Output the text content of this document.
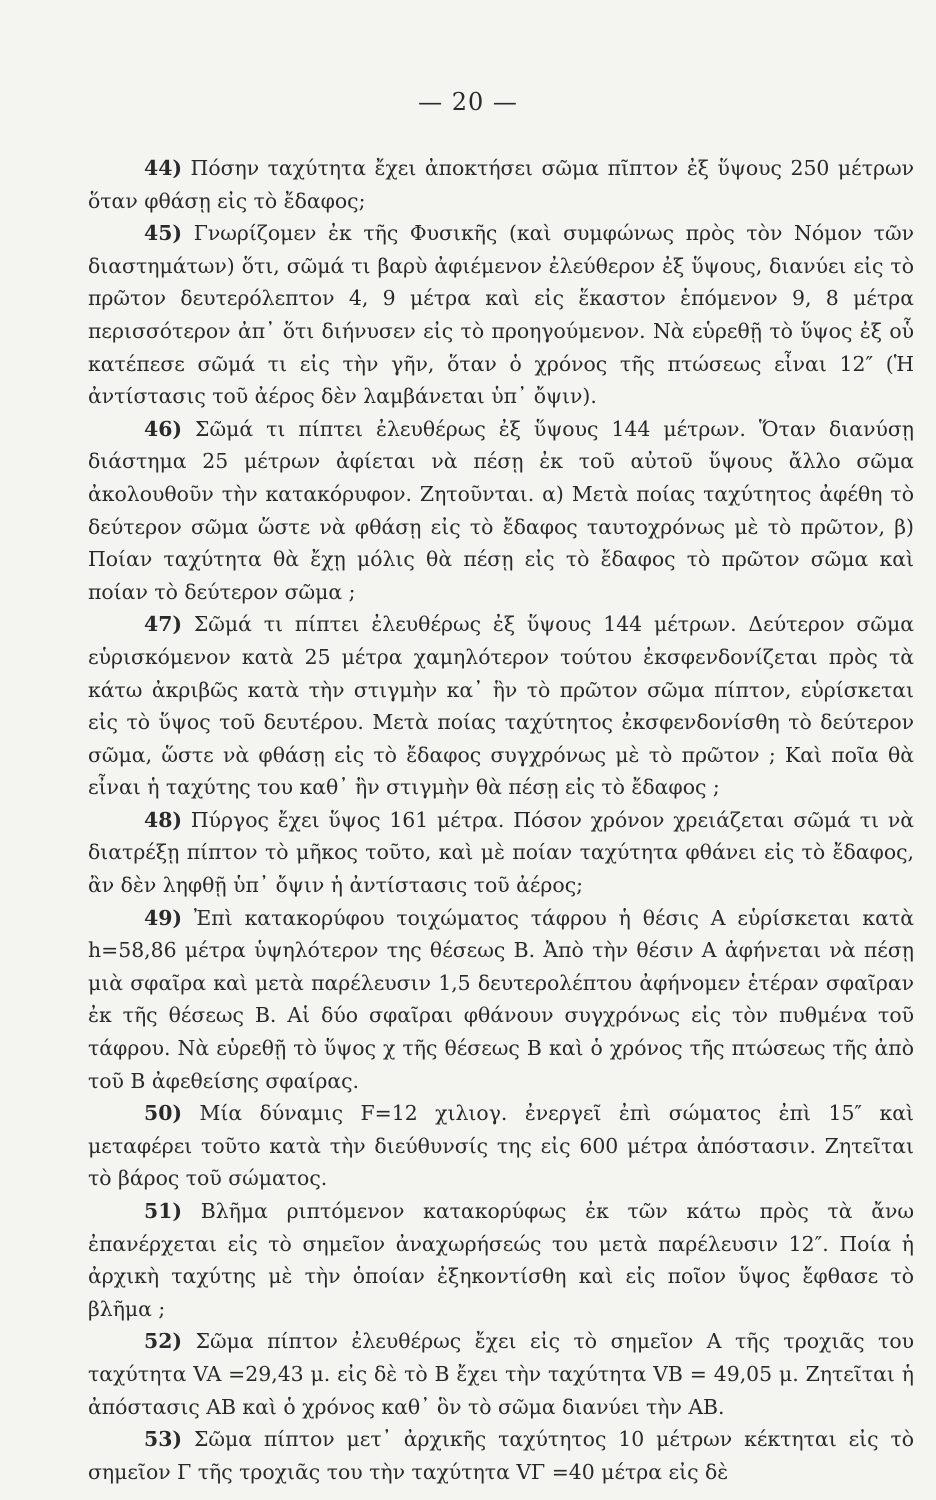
— 20 —

44) Πόσην ταχύτητα ἔχει ἀποκτήσει σῶμα πῖπτον ἐξ ὕψους 250 μέτρων ὅταν φθάσῃ εἰς τὸ ἔδαφος;

45) Γνωρίζομεν ἐκ τῆς Φυσικῆς (καὶ συμφώνως πρὸς τὸν Νόμον τῶν διαστημάτων) ὅτι, σῶμά τι βαρὺ ἀφιέμενον ἐλεύθερον ἐξ ὕψους, διανύει εἰς τὸ πρῶτον δευτερόλεπτον 4, 9 μέτρα καὶ εἰς ἕκαστον ἑπόμενον 9, 8 μέτρα περισσότερον ἀπ᾿ ὅτι διήνυσεν εἰς τὸ προηγούμενον. Νὰ εὑρεθῇ τὸ ὕψος ἐξ οὗ κατέπεσε σῶμά τι εἰς τὴν γῆν, ὅταν ὁ χρόνος τῆς πτώσεως εἶναι 12″ (Ἡ ἀντίστασις τοῦ ἀέρος δὲν λαμβάνεται ὑπ᾿ ὄψιν).

46) Σῶμά τι πίπτει ἐλευθέρως ἐξ ὕψους 144 μέτρων. Ὅταν διανύσῃ διάστημα 25 μέτρων ἀφίεται νὰ πέσῃ ἐκ τοῦ αὐτοῦ ὕψους ἄλλο σῶμα ἀκολουθοῦν τὴν κατακόρυφον. Ζητοῦνται. α) Μετὰ ποίας ταχύτητος ἀφέθη τὸ δεύτερον σῶμα ὥστε νὰ φθάσῃ εἰς τὸ ἔδαφος ταυτοχρόνως μὲ τὸ πρῶτον, β) Ποίαν ταχύτητα θὰ ἔχῃ μόλις θὰ πέσῃ εἰς τὸ ἔδαφος τὸ πρῶτον σῶμα καὶ ποίαν τὸ δεύτερον σῶμα ;

47) Σῶμά τι πίπτει ἐλευθέρως ἐξ ὕψους 144 μέτρων. Δεύτερον σῶμα εὑρισκόμενον κατὰ 25 μέτρα χαμηλότερον τούτου ἐκσφενδονίζεται πρὸς τὰ κάτω ἀκριβῶς κατὰ τὴν στιγμὴν κα᾿ ἣν τὸ πρῶτον σῶμα πίπτον, εὑρίσκεται εἰς τὸ ὕψος τοῦ δευτέρου. Μετὰ ποίας ταχύτητος ἐκσφενδονίσθη τὸ δεύτερον σῶμα, ὥστε νὰ φθάσῃ εἰς τὸ ἔδαφος συγχρόνως μὲ τὸ πρῶτον ; Καὶ ποῖα θὰ εἶναι ἡ ταχύτης του καθ᾿ ἣν στιγμὴν θὰ πέσῃ εἰς τὸ ἔδαφος ;

48) Πύργος ἔχει ὕψος 161 μέτρα. Πόσον χρόνον χρειάζεται σῶμά τι νὰ διατρέξῃ πίπτον τὸ μῆκος τοῦτο, καὶ μὲ ποίαν ταχύτητα φθάνει εἰς τὸ ἔδαφος, ἂν δὲν ληφθῇ ὑπ᾿ ὄψιν ἡ ἀντίστασις τοῦ ἀέρος;

49) Ἐπὶ κατακορύφου τοιχώματος τάφρου ἡ θέσις Α εὑρίσκεται κατὰ h=58,86 μέτρα ὑψηλότερον της θέσεως Β. Ἀπὸ τὴν θέσιν Α ἀφήνεται νὰ πέσῃ μιὰ σφαῖρα καὶ μετὰ παρέλευσιν 1,5 δευτερολέπτου ἀφήνομεν ἑτέραν σφαῖραν ἐκ τῆς θέσεως Β. Αἱ δύο σφαῖραι φθάνουν συγχρόνως εἰς τὸν πυθμένα τοῦ τάφρου. Νὰ εὑρεθῇ τὸ ὕψος χ τῆς θέσεως Β καὶ ὁ χρόνος τῆς πτώσεως τῆς ἀπὸ τοῦ Β ἀφεθείσης σφαίρας.

50) Μία δύναμις F=12 χιλιογ. ἐνεργεῖ ἐπὶ σώματος ἐπὶ 15″ καὶ μεταφέρει τοῦτο κατὰ τὴν διεύθυνσίς της εἰς 600 μέτρα ἀπόστασιν. Ζητεῖται τὸ βάρος τοῦ σώματος.

51) Βλῆμα ριπτόμενον κατακορύφως ἐκ τῶν κάτω πρὸς τὰ ἄνω ἐπανέρχεται εἰς τὸ σημεῖον ἀναχωρήσεώς του μετὰ παρέλευσιν 12″. Ποία ἡ ἀρχικὴ ταχύτης μὲ τὴν ὁποίαν ἐξηκοντίσθη καὶ εἰς ποῖον ὕψος ἔφθασε τὸ βλῆμα ;

52) Σῶμα πίπτον ἐλευθέρως ἔχει εἰς τὸ σημεῖον Α τῆς τροχιᾶς του ταχύτητα VA =29,43 μ. εἰς δὲ τὸ Β ἔχει τὴν ταχύτητα VB = 49,05 μ. Ζητεῖται ἡ ἀπόστασις ΑΒ καὶ ὁ χρόνος καθ᾿ ὃν τὸ σῶμα διανύει τὴν ΑΒ.

53) Σῶμα πίπτον μετ᾿ ἀρχικῆς ταχύτητος 10 μέτρων κέκτηται εἰς τὸ σημεῖον Γ τῆς τροχιᾶς του τὴν ταχύτητα VΓ =40 μέτρα εἰς δὲ
